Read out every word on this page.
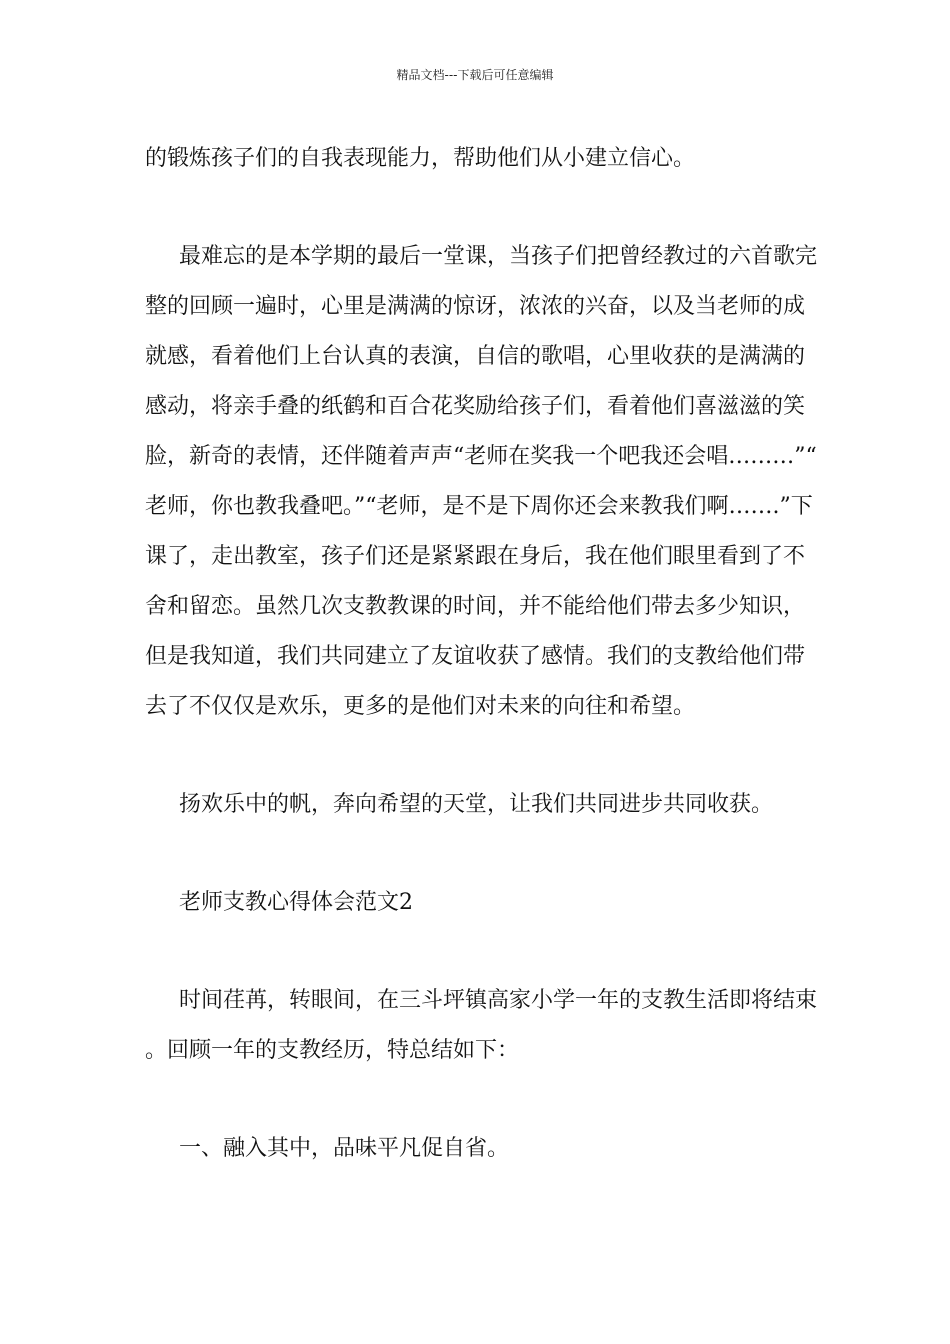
精品文档---下载后可任意编辑

的锻炼孩子们的自我表现能力，帮助他们从小建立信心。

最难忘的是本学期的最后一堂课，当孩子们把曾经教过的六首歌完整的回顾一遍时，心里是满满的惊讶，浓浓的兴奋，以及当老师的成就感，看着他们上台认真的表演，自信的歌唱，心里收获的是满满的感动，将亲手叠的纸鹤和百合花奖励给孩子们，看着他们喜滋滋的笑脸，新奇的表情，还伴随着声声“老师在奖我一个吧我还会唱………”“老师，你也教我叠吧。”“老师，是不是下周你还会来教我们啊…….”下课了，走出教室，孩子们还是紧紧跟在身后，我在他们眼里看到了不舍和留恋。虽然几次支教教课的时间，并不能给他们带去多少知识，但是我知道，我们共同建立了友谊收获了感情。我们的支教给他们带去了不仅仅是欢乐，更多的是他们对未来的向往和希望。

扬欢乐中的帆，奔向希望的天堂，让我们共同进步共同收获。

老师支教心得体会范文2

时间荏苒，转眼间，在三斗坪镇高家小学一年的支教生活即将结束。回顾一年的支教经历，特总结如下：

一、融入其中，品味平凡促自省。
